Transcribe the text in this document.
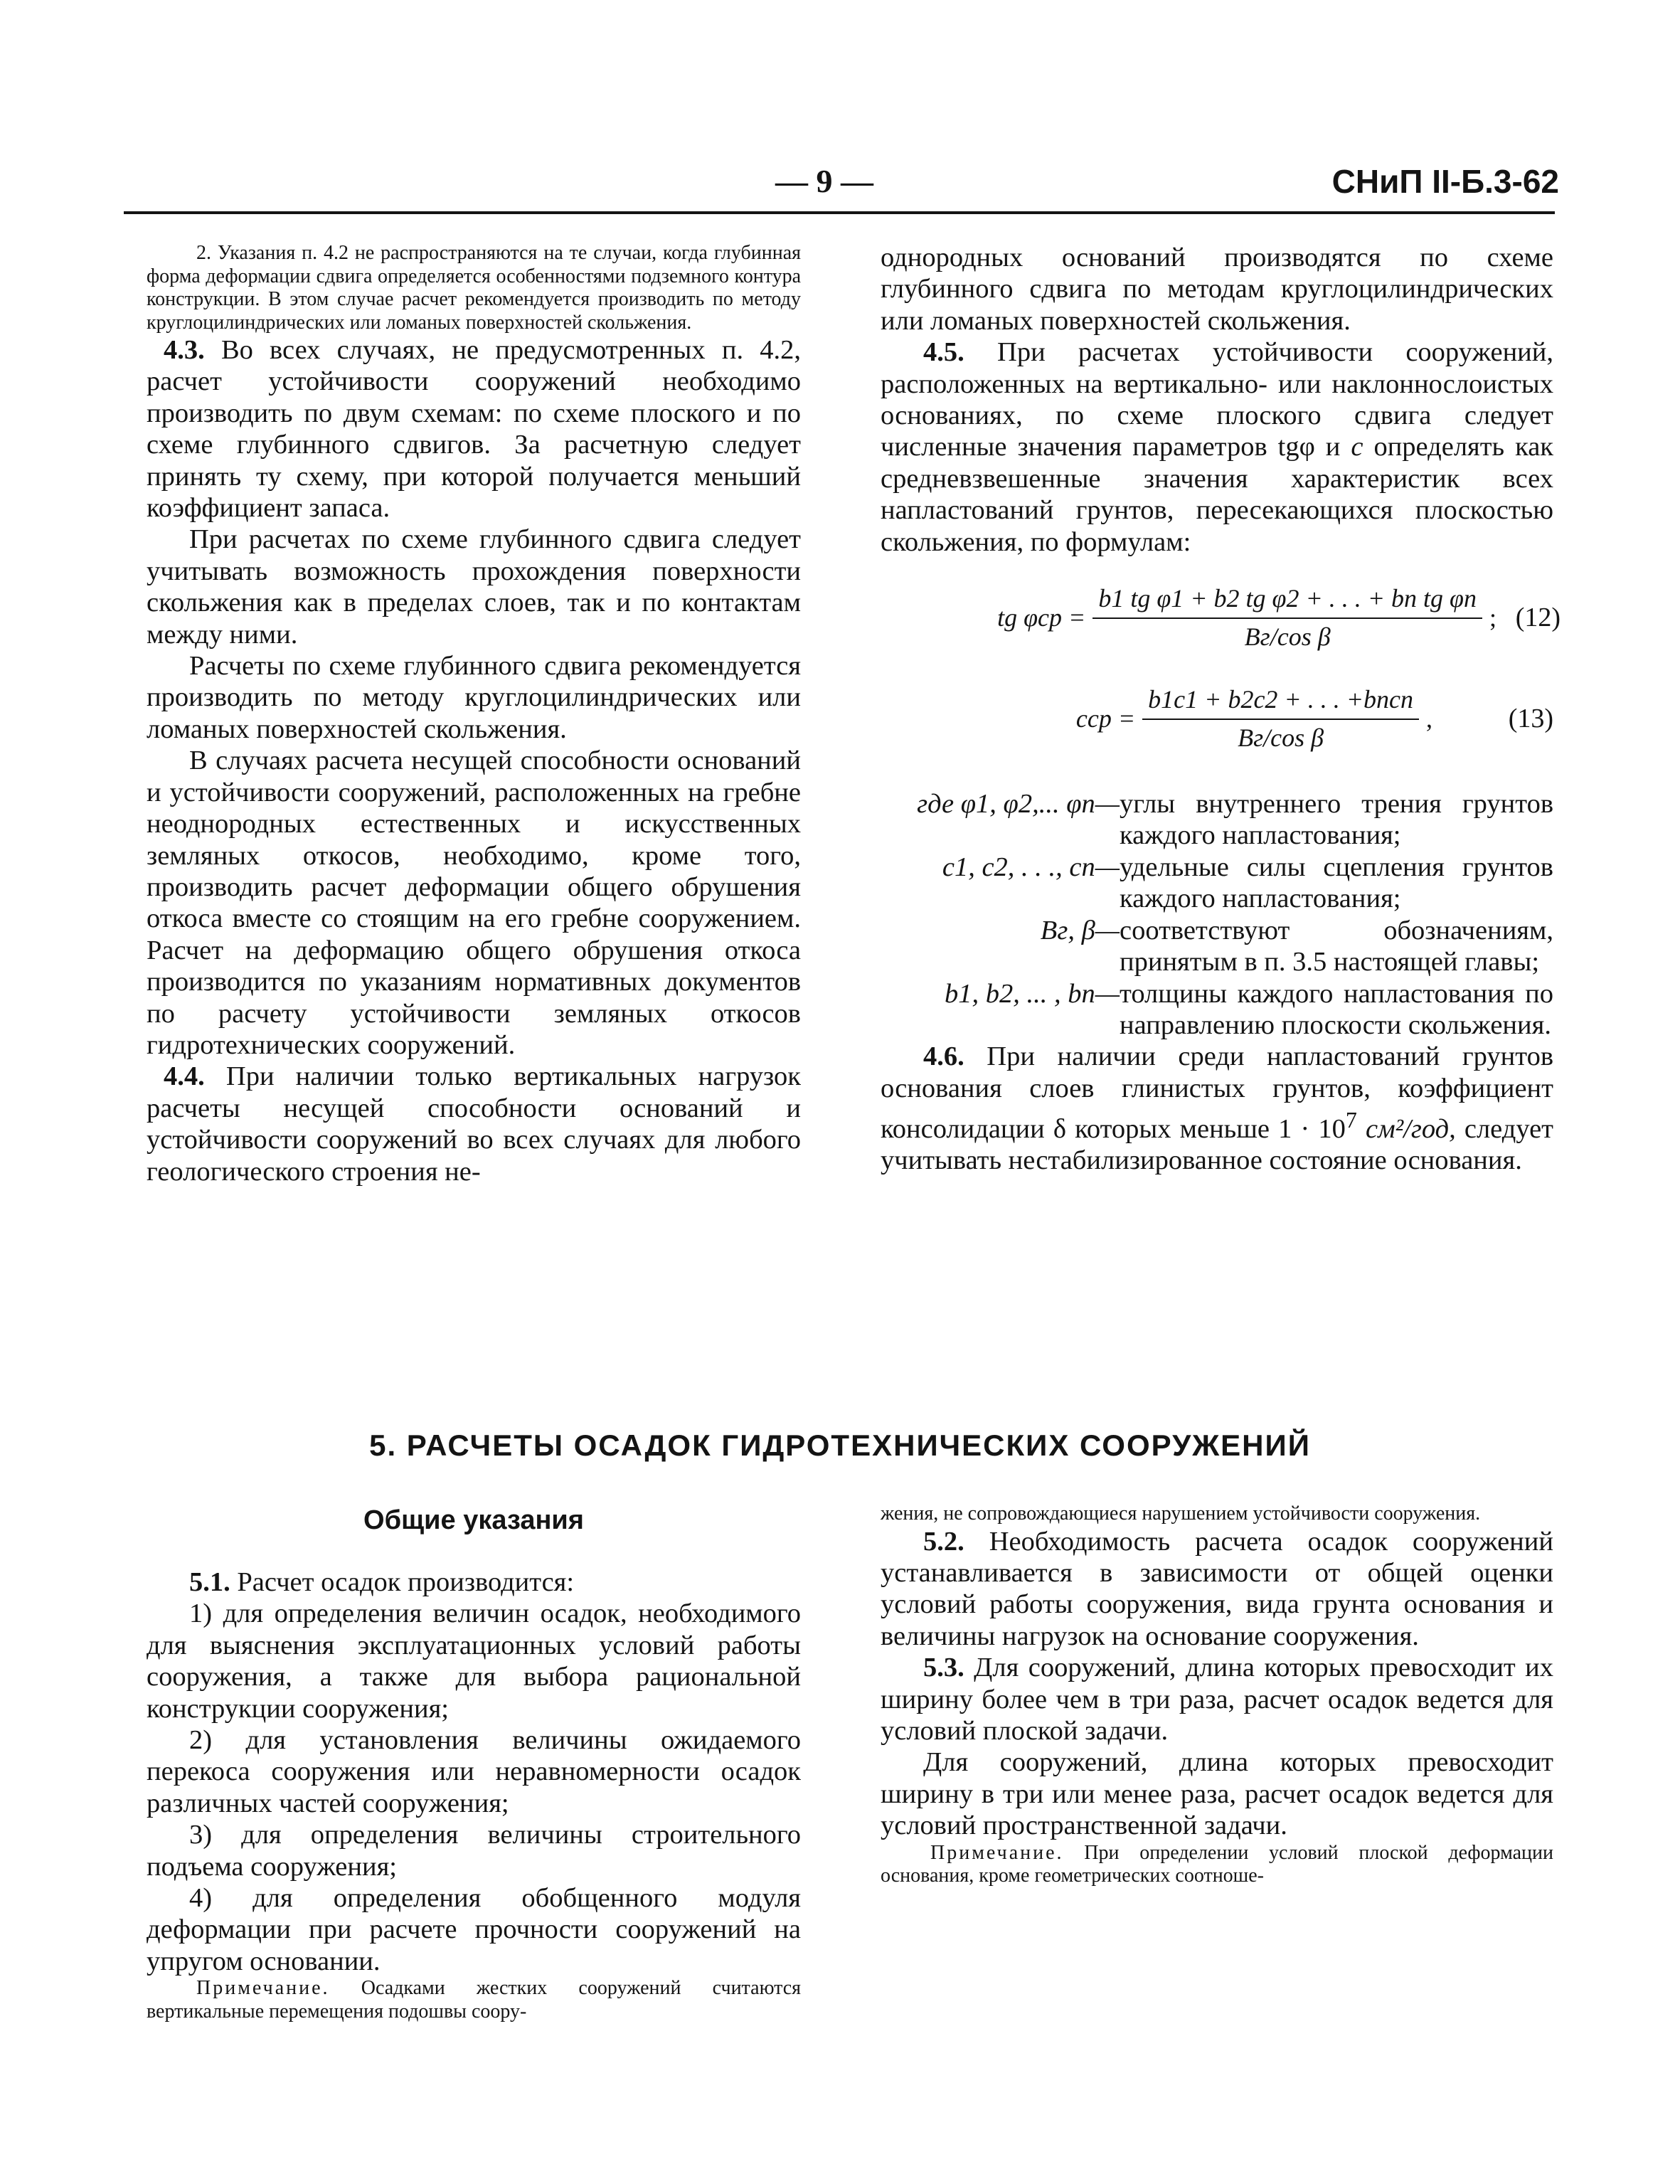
— 9 —	СНиП II-Б.3-62

2. Указания п. 4.2 не распространяются на те случаи, когда глубинная форма деформации сдвига определяется особенностями подземного контура конструкции. В этом случае расчет рекомендуется производить по методу круглоцилиндрических или ломаных поверхностей скольжения.

4.3. Во всех случаях, не предусмотренных п. 4.2, расчет устойчивости сооружений необходимо производить по двум схемам: по схеме плоского и по схеме глубинного сдвигов. За расчетную следует принять ту схему, при которой получается меньший коэффициент запаса.

При расчетах по схеме глубинного сдвига следует учитывать возможность прохождения поверхности скольжения как в пределах слоев, так и по контактам между ними.

Расчеты по схеме глубинного сдвига рекомендуется производить по методу круглоцилиндрических или ломаных поверхностей скольжения.

В случаях расчета несущей способности оснований и устойчивости сооружений, расположенных на гребне неоднородных естественных и искусственных земляных откосов, необходимо, кроме того, производить расчет деформации общего обрушения откоса вместе со стоящим на его гребне сооружением. Расчет на деформацию общего обрушения откоса производится по указаниям нормативных документов по расчету устойчивости земляных откосов гидротехнических сооружений.

4.4. При наличии только вертикальных нагрузок расчеты несущей способности оснований и устойчивости сооружений во всех случаях для любого геологического строения не-

однородных оснований производятся по схеме глубинного сдвига по методам круглоцилиндрических или ломаных поверхностей скольжения.

4.5. При расчетах устойчивости сооружений, расположенных на вертикально- или наклоннослоистых основаниях, по схеме плоского сдвига следует численные значения параметров tgφ и c определять как средневзвешенные значения характеристик всех напластований грунтов, пересекающихся плоскостью скольжения, по формулам:

tg $\varphi ср = \frac{\text{b1 tg φ1 + b2 tg φ2 + . . . + bn tg φn}}{\text{Bг/cos β}}$ ; (12)
cср = $\frac{\text{b1c1 + b2c2 + . . . +bncn}}{\text{Bг/cos β}}$ ,	(13)
где φ1, φ2,... φn— углы внутреннего трения грунтов каждого напластования;
c1, c2, . . ., cn— удельные силы сцепления грунтов каждого напластования;
Bг, β— соответствуют обозначениям, принятым в п. 3.5 настоящей главы;
b1, b2, ... , bn— толщины каждого напластования по направлению плоскости скольжения.

4.6. При наличии среди напластований грунтов основания слоев глинистых грунтов, коэффициент консолидации δ которых меньше $1 \cdot 10^7$ см²/год, следует учитывать нестабилизированное состояние основания.

5. РАСЧЕТЫ ОСАДОК ГИДРОТЕХНИЧЕСКИХ СООРУЖЕНИЙ
Общие указания

5.1. Расчет осадок производится:

1) для определения величин осадок, необходимого для выяснения эксплуатационных условий работы сооружения, а также для выбора рациональной конструкции сооружения;

2) для установления величины ожидаемого перекоса сооружения или неравномерности осадок различных частей сооружения;

3) для определения величины строительного подъема сооружения;

4) для определения обобщенного модуля деформации при расчете прочности сооружений на упругом основании.

Примечание. Осадками жестких сооружений считаются вертикальные перемещения подошвы соору-

жения, не сопровождающиеся нарушением устойчивости сооружения.

5.2. Необходимость расчета осадок сооружений устанавливается в зависимости от общей оценки условий работы сооружения, вида грунта основания и величины нагрузок на основание сооружения.

5.3. Для сооружений, длина которых превосходит их ширину более чем в три раза, расчет осадок ведется для условий плоской задачи.

Для сооружений, длина которых превосходит ширину в три или менее раза, расчет осадок ведется для условий пространственной задачи.

Примечание. При определении условий плоской деформации основания, кроме геометрических соотноше-
